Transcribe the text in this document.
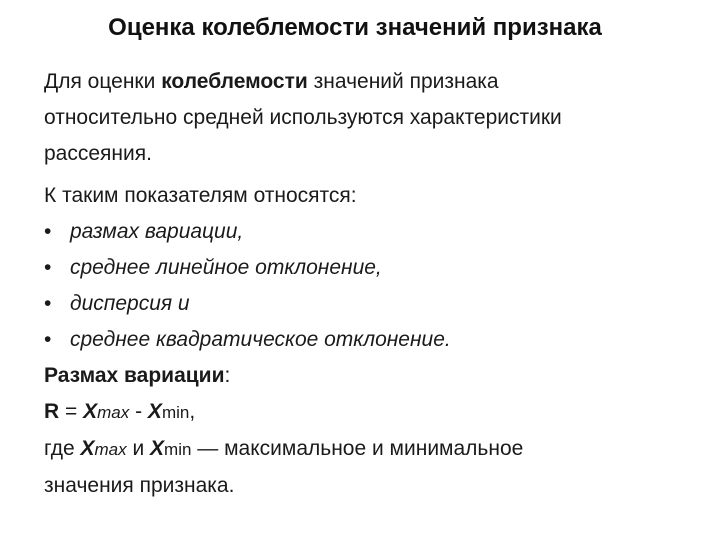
Оценка колеблемости значений признака
Для оценки колеблемости значений признака
относительно средней используются характеристики
рассеяния.
К таким показателям относятся:
• размах вариации,
• среднее линейное отклонение,
• дисперсия и
• среднее квадратическое отклонение.
Размах вариации:
R = Xmax - Xmin,
где Xmax и Xmin — максимальное и минимальное
значения признака.
